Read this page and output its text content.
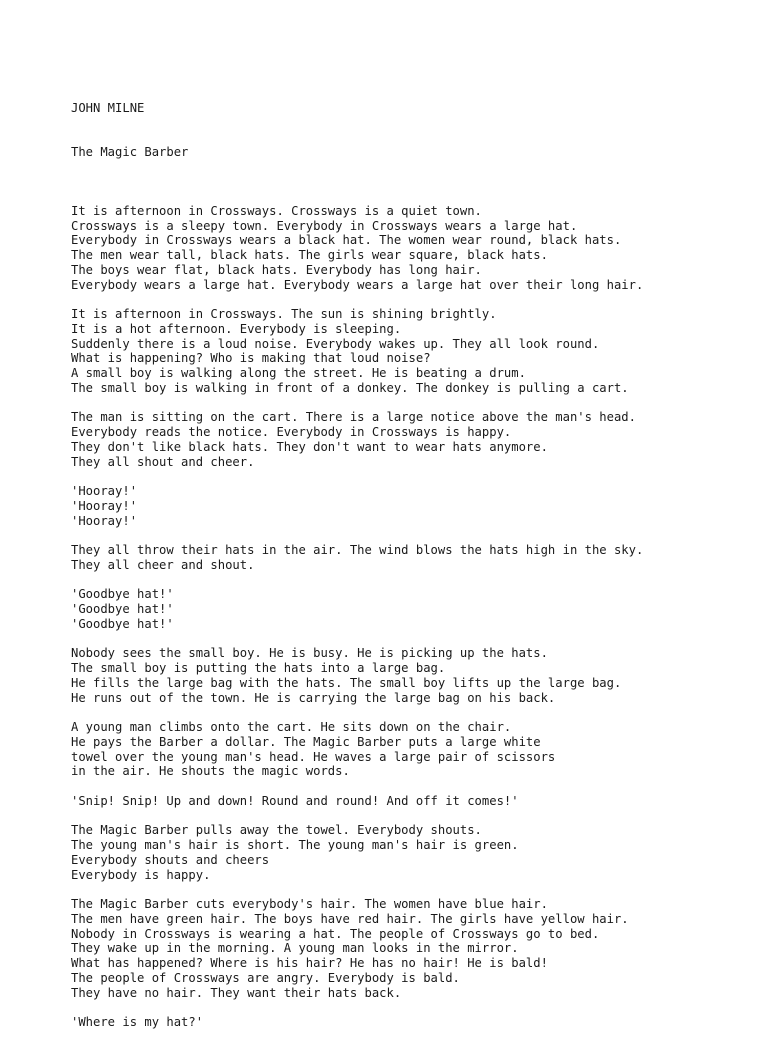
JOHN MILNE

The Magic Barber

It is afternoon in Crossways. Crossways is a quiet town.
Crossways is a sleepy town. Everybody in Crossways wears a large hat.
Everybody in Crossways wears a black hat. The women wear round, black hats.
The men wear tall, black hats. The girls wear square, black hats.
The boys wear flat, black hats. Everybody has long hair.
Everybody wears a large hat. Everybody wears a large hat over their long hair.
It is afternoon in Crossways. The sun is shining brightly.
It is a hot afternoon. Everybody is sleeping.
Suddenly there is a loud noise. Everybody wakes up. They all look round.
What is happening? Who is making that loud noise?
A small boy is walking along the street. He is beating a drum.
The small boy is walking in front of a donkey. The donkey is pulling a cart.
The man is sitting on the cart. There is a large notice above the man's head.
Everybody reads the notice. Everybody in Crossways is happy.
They don't like black hats. They don't want to wear hats anymore.
They all shout and cheer.
'Hooray!'
'Hooray!'
'Hooray!'
They all throw their hats in the air. The wind blows the hats high in the sky.
They all cheer and shout.
'Goodbye hat!'
'Goodbye hat!'
'Goodbye hat!'
Nobody sees the small boy. He is busy. He is picking up the hats.
The small boy is putting the hats into a large bag.
He fills the large bag with the hats. The small boy lifts up the large bag.
He runs out of the town. He is carrying the large bag on his back.
A young man climbs onto the cart. He sits down on the chair.
He pays the Barber a dollar. The Magic Barber puts a large white
towel over the young man's head. He waves a large pair of scissors
in the air. He shouts the magic words.
'Snip! Snip! Up and down! Round and round! And off it comes!'
The Magic Barber pulls away the towel. Everybody shouts.
The young man's hair is short. The young man's hair is green.
Everybody shouts and cheers
Everybody is happy.
The Magic Barber cuts everybody's hair. The women have blue hair.
The men have green hair. The boys have red hair. The girls have yellow hair.
Nobody in Crossways is wearing a hat. The people of Crossways go to bed.
They wake up in the morning. A young man looks in the mirror.
What has happened? Where is his hair? He has no hair! He is bald!
The people of Crossways are angry. Everybody is bald.
They have no hair. They want their hats back.
'Where is my hat?'
